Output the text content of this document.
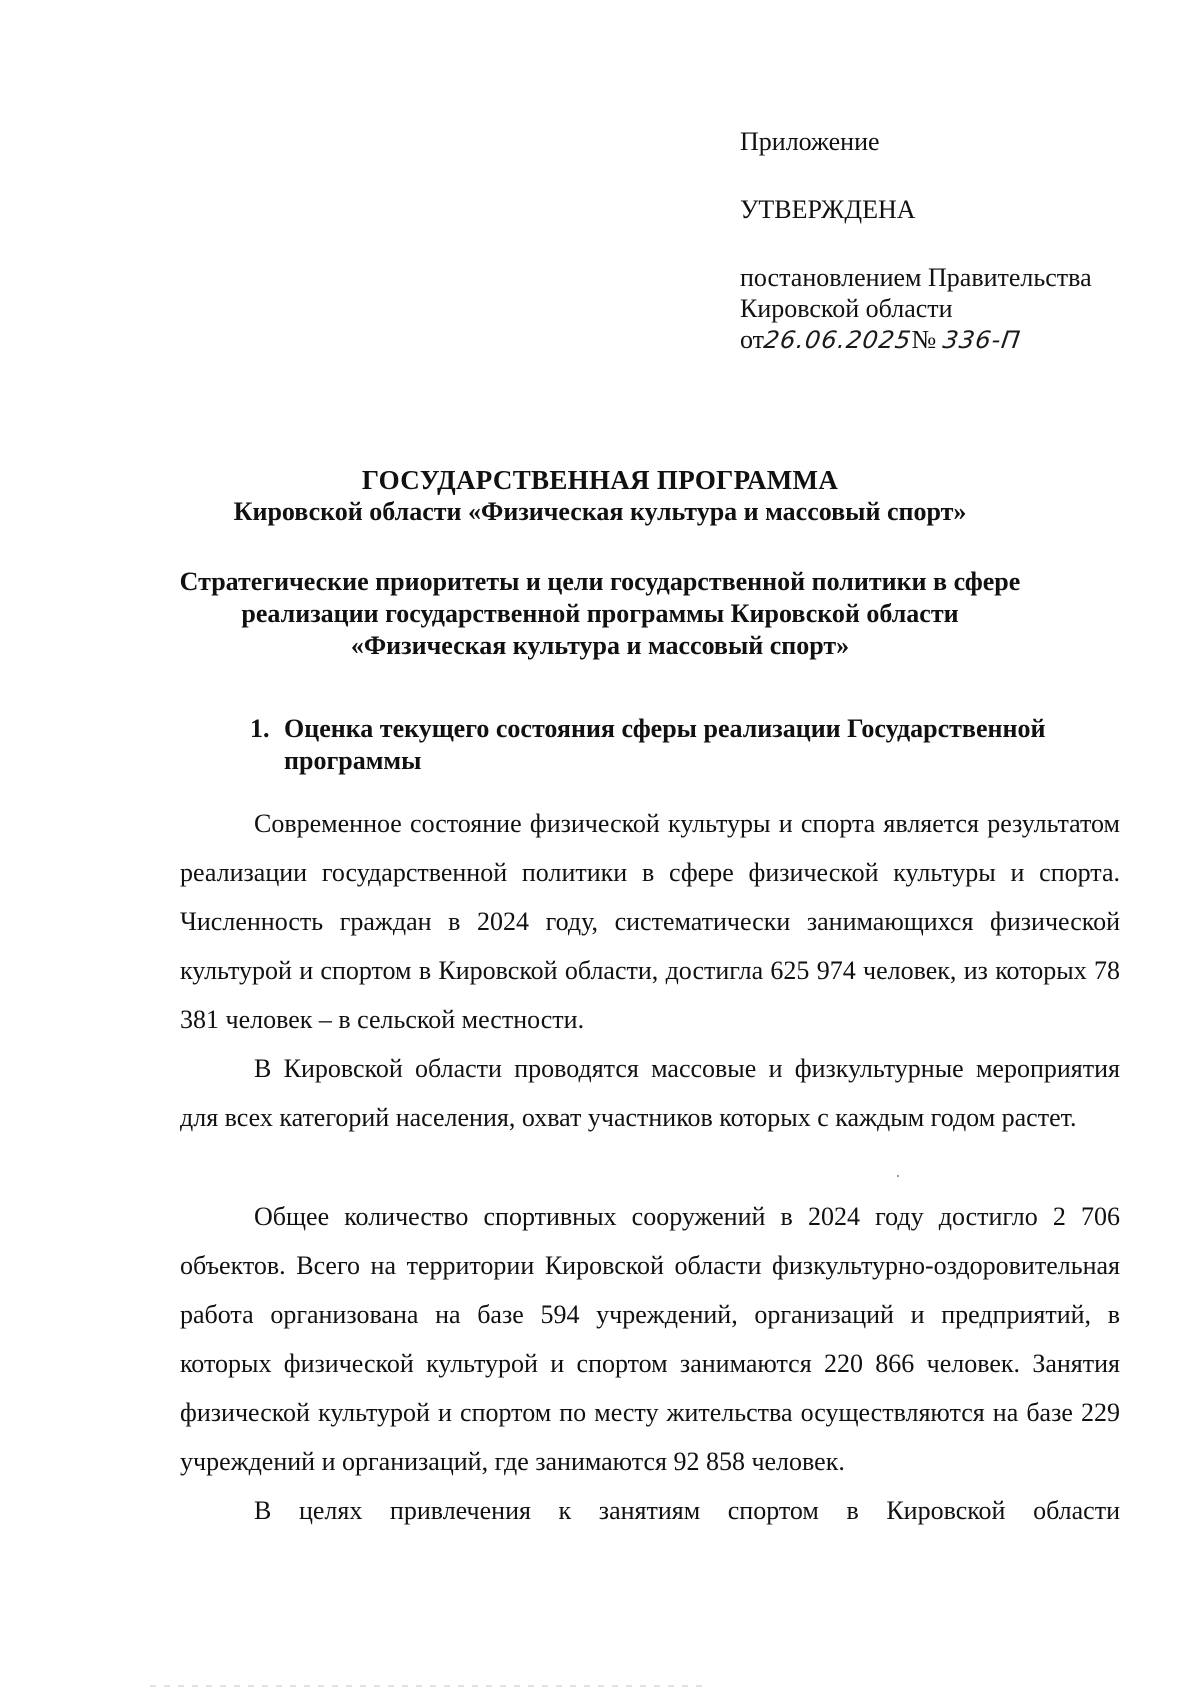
Приложение
УТВЕРЖДЕНА
постановлением Правительства
Кировской области
от26.06.2025№ 336-П
ГОСУДАРСТВЕННАЯ ПРОГРАММА
Кировской области «Физическая культура и массовый спорт»
Стратегические приоритеты и цели государственной политики в сфере
реализации государственной программы Кировской области
«Физическая культура и массовый спорт»
1. Оценка текущего состояния сферы реализации Государственной
программы

Современное состояние физической культуры и спорта является результатом реализации государственной политики в сфере физической культуры и спорта. Численность граждан в 2024 году, систематически занимающихся физической культурой и спортом в Кировской области, достигла 625 974 человек, из которых 78 381 человек – в сельской местности.

В Кировской области проводятся массовые и физкультурные мероприятия для всех категорий населения, охват участников которых с каждым годом растет.

Общее количество спортивных сооружений в 2024 году достигло 2 706 объектов. Всего на территории Кировской области физкультурно-оздоровительная работа организована на базе 594 учреждений, организаций и предприятий, в которых физической культурой и спортом занимаются 220 866 человек. Занятия физической культурой и спортом по месту жительства осуществляются на базе 229 учреждений и организаций, где занимаются 92 858 человек.

В целях привлечения к занятиям спортом в Кировской области
